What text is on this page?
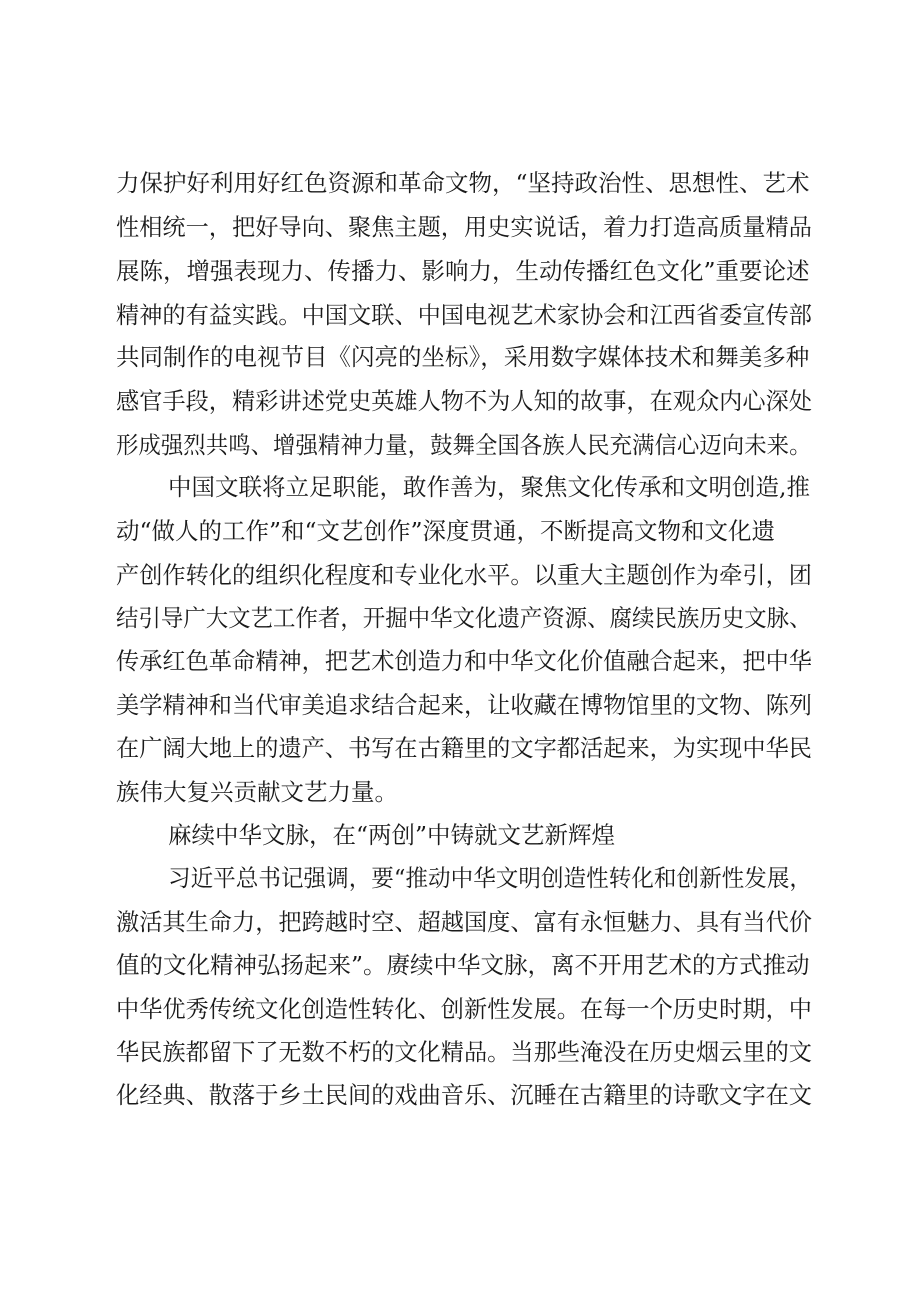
力保护好利用好红色资源和革命文物，“坚持政治性、思想性、艺术
性相统一，把好导向、聚焦主题，用史实说话，着力打造高质量精品
展陈，增强表现力、传播力、影响力，生动传播红色文化”重要论述
精神的有益实践。中国文联、中国电视艺术家协会和江西省委宣传部
共同制作的电视节目《闪亮的坐标》，采用数字媒体技术和舞美多种
感官手段，精彩讲述党史英雄人物不为人知的故事，在观众内心深处
形成强烈共鸣、增强精神力量，鼓舞全国各族人民充满信心迈向未来。
中国文联将立足职能，敢作善为，聚焦文化传承和文明创造,推
动“做人的工作”和“文艺创作”深度贯通，不断提高文物和文化遗
产创作转化的组织化程度和专业化水平。以重大主题创作为牵引，团
结引导广大文艺工作者，开掘中华文化遗产资源、腐续民族历史文脉、
传承红色革命精神，把艺术创造力和中华文化价值融合起来，把中华
美学精神和当代审美追求结合起来，让收藏在博物馆里的文物、陈列
在广阔大地上的遗产、书写在古籍里的文字都活起来，为实现中华民
族伟大复兴贡献文艺力量。
麻续中华文脉，在“两创”中铸就文艺新辉煌
习近平总书记强调，要“推动中华文明创造性转化和创新性发展，
激活其生命力，把跨越时空、超越国度、富有永恒魅力、具有当代价
值的文化精神弘扬起来”。赓续中华文脉，离不开用艺术的方式推动
中华优秀传统文化创造性转化、创新性发展。在每一个历史时期，中
华民族都留下了无数不朽的文化精品。当那些淹没在历史烟云里的文
化经典、散落于乡土民间的戏曲音乐、沉睡在古籍里的诗歌文字在文
